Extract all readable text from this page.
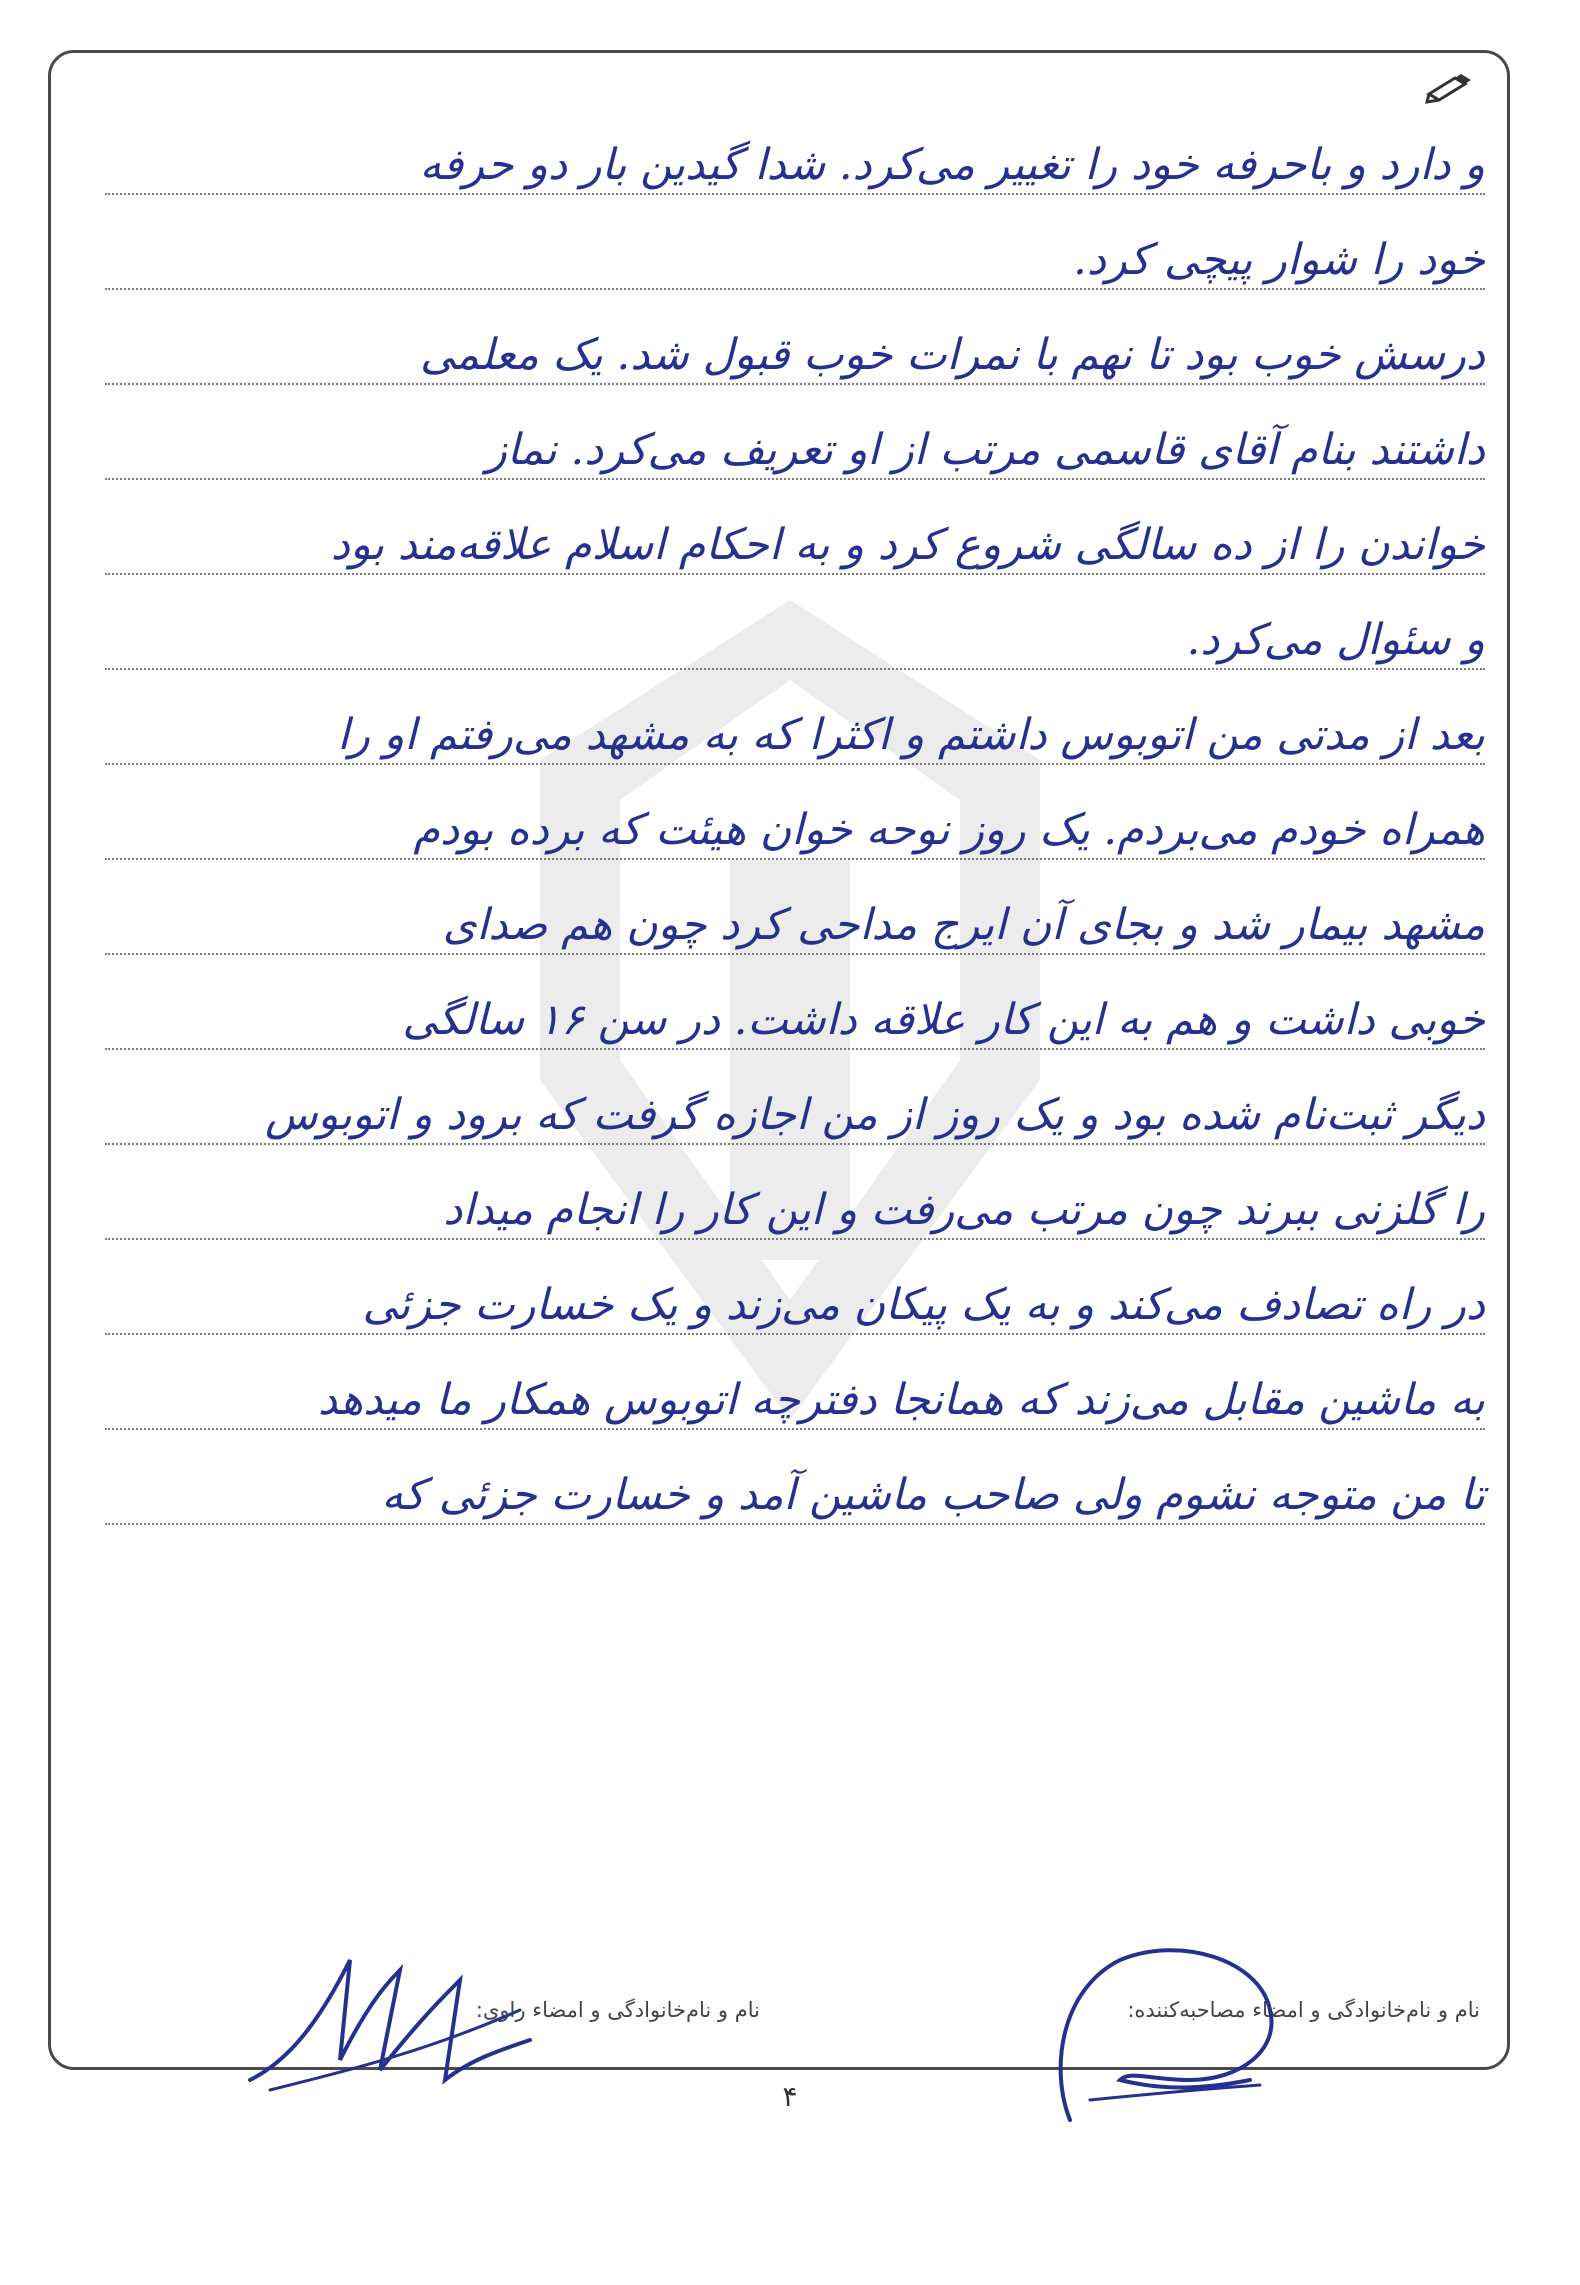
و دارد و باحرفه خود را تغییر می‌کرد. شدا گیدین بار دو حرفه
خود را شوار پیچی کرد.
درسش خوب بود تا نهم با نمرات خوب قبول شد. یک معلمی
داشتند بنام آقای قاسمی مرتب از او تعریف می‌کرد. نماز
خواندن را از ده سالگی شروع کرد و به احکام اسلام علاقه‌مند بود
و سئوال می‌کرد.
بعد از مدتی من اتوبوس داشتم و اکثرا که به مشهد می‌رفتم او را
همراه خودم می‌بردم. یک روز نوحه خوان هیئت که برده بودم
مشهد بیمار شد و بجای آن ایرج مداحی کرد چون هم صدای
خوبی داشت و هم به این کار علاقه داشت. در سن ۱۶ سالگی
دیگر ثبت‌نام شده بود و یک روز از من اجازه گرفت که برود و اتوبوس
را گلزنی ببرند چون مرتب می‌رفت و این کار را انجام میداد
در راه تصادف می‌کند و به یک پیکان می‌زند و یک خسارت جزئی
به ماشین مقابل می‌زند که همانجا دفترچه اتوبوس همکار ما میدهد
تا من متوجه نشوم ولی صاحب ماشین آمد و خسارت جزئی که
نام و نام‌خانوادگی و امضاء مصاحبه‌کننده:
نام و نام‌خانوادگی و امضاء راوی:
۴
